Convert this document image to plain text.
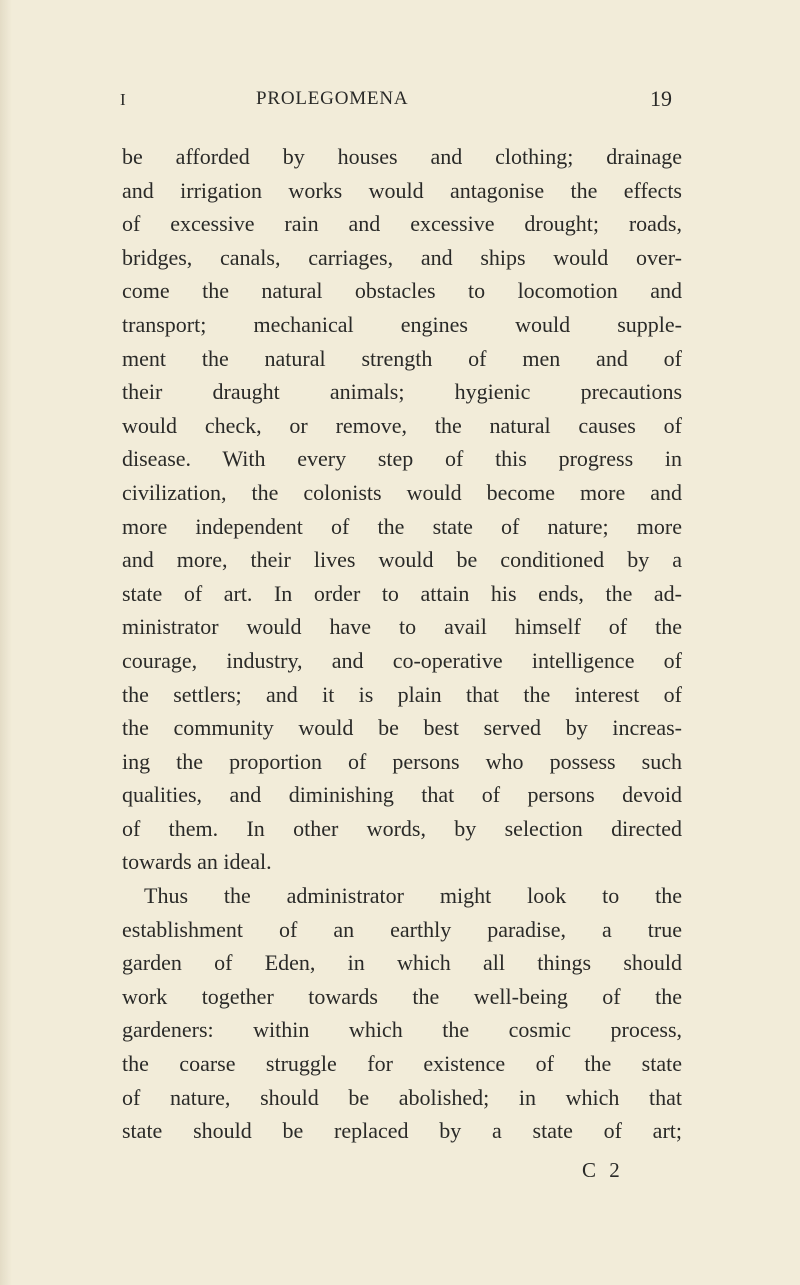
I	PROLEGOMENA	19
be afforded by houses and clothing; drainage
and irrigation works would antagonise the effects
of excessive rain and excessive drought; roads,
bridges, canals, carriages, and ships would over-
come the natural obstacles to locomotion and
transport; mechanical engines would supple-
ment the natural strength of men and of
their draught animals; hygienic precautions
would check, or remove, the natural causes of
disease. With every step of this progress in
civilization, the colonists would become more and
more independent of the state of nature; more
and more, their lives would be conditioned by a
state of art. In order to attain his ends, the ad-
ministrator would have to avail himself of the
courage, industry, and co-operative intelligence of
the settlers; and it is plain that the interest of
the community would be best served by increas-
ing the proportion of persons who possess such
qualities, and diminishing that of persons devoid
of them. In other words, by selection directed
towards an ideal.
Thus the administrator might look to the
establishment of an earthly paradise, a true
garden of Eden, in which all things should
work together towards the well-being of the
gardeners: within which the cosmic process,
the coarse struggle for existence of the state
of nature, should be abolished; in which that
state should be replaced by a state of art;
C 2
